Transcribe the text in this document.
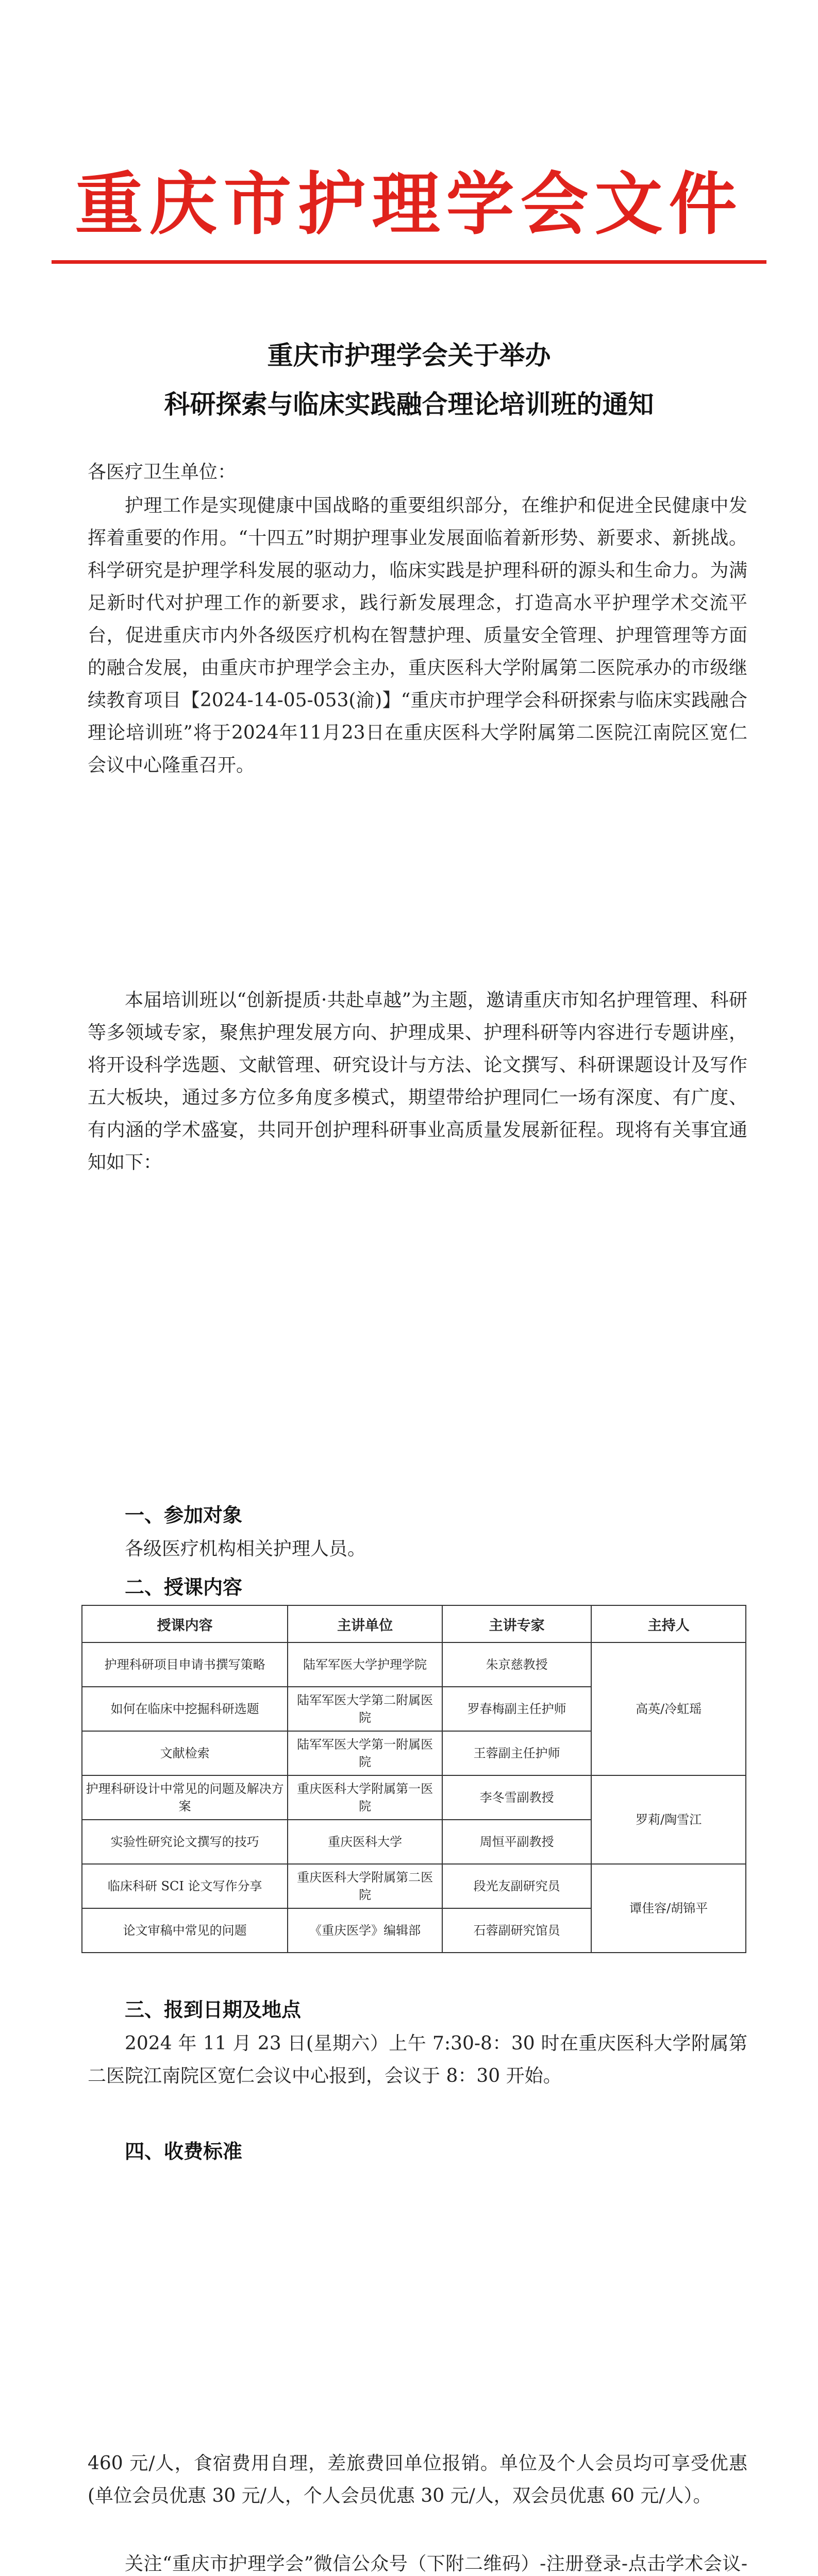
重庆市护理学会文件
重庆市护理学会关于举办
科研探索与临床实践融合理论培训班的通知
各医疗卫生单位：
护理工作是实现健康中国战略的重要组织部分，在维护和促进全民健康中发挥着重要的作用。“十四五”时期护理事业发展面临着新形势、新要求、新挑战。科学研究是护理学科发展的驱动力，临床实践是护理科研的源头和生命力。为满足新时代对护理工作的新要求，践行新发展理念，打造高水平护理学术交流平台，促进重庆市内外各级医疗机构在智慧护理、质量安全管理、护理管理等方面的融合发展，由重庆市护理学会主办，重庆医科大学附属第二医院承办的市级继续教育项目【2024-14-05-053(渝)】“重庆市护理学会科研探索与临床实践融合理论培训班”将于2024年11月23日在重庆医科大学附属第二医院江南院区宽仁会议中心隆重召开。
本届培训班以“创新提质·共赴卓越”为主题，邀请重庆市知名护理管理、科研等多领域专家，聚焦护理发展方向、护理成果、护理科研等内容进行专题讲座，将开设科学选题、文献管理、研究设计与方法、论文撰写、科研课题设计及写作五大板块，通过多方位多角度多模式，期望带给护理同仁一场有深度、有广度、有内涵的学术盛宴，共同开创护理科研事业高质量发展新征程。现将有关事宜通知如下：
一、参加对象
各级医疗机构相关护理人员。
二、授课内容
授课内容	主讲单位	主讲专家	主持人
护理科研项目申请书撰写策略	陆军军医大学护理学院	朱京慈教授	高英/冷虹瑶
如何在临床中挖掘科研选题	陆军军医大学第二附属医院	罗春梅副主任护师	
文献检索	陆军军医大学第一附属医院	王蓉副主任护师	
护理科研设计中常见的问题及解决方案	重庆医科大学附属第一医院	李冬雪副教授	罗莉/陶雪江
实验性研究论文撰写的技巧	重庆医科大学	周恒平副教授	
临床科研 SCI 论文写作分享	重庆医科大学附属第二医院	段光友副研究员	谭佳容/胡锦平
论文审稿中常见的问题	《重庆医学》编辑部	石蓉副研究馆员	
三、报到日期及地点
2024 年 11 月 23 日(星期六）上午 7:30-8：30 时在重庆医科大学附属第二医院江南院区宽仁会议中心报到，会议于 8：30 开始。
四、收费标准
460 元/人，食宿费用自理，差旅费回单位报销。单位及个人会员均可享受优惠(单位会员优惠 30 元/人，个人会员优惠 30 元/人，双会员优惠 60 元/人）。
关注“重庆市护理学会”微信公众号（下附二维码）-注册登录-点击学术会议-
